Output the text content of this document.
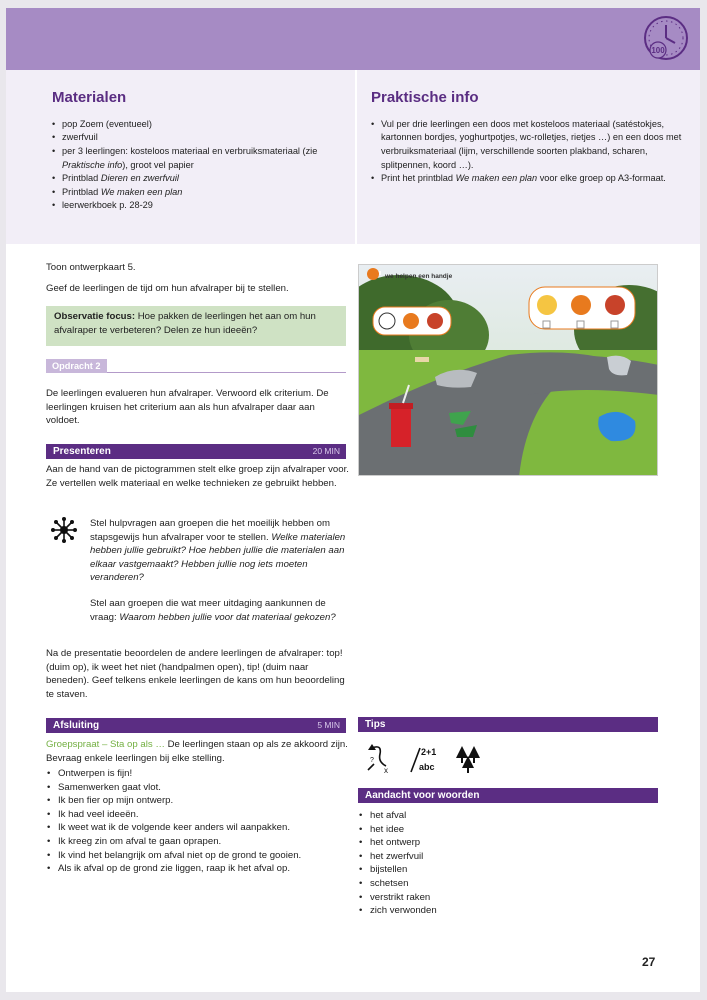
100
Materialen
• pop Zoem (eventueel)
• zwerfvuil
• per 3 leerlingen: kosteloos materiaal en verbruiksmateriaal (zie Praktische info), groot vel papier
• Printblad Dieren en zwerfvuil
• Printblad We maken een plan
• leerwerkboek p. 28-29
Praktische info
• Vul per drie leerlingen een doos met kosteloos materiaal (satéstokjes, kartonnen bordjes, yoghurtpotjes, wc-rolletjes, rietjes …) en een doos met verbruiksmateriaal (lijm, verschillende soorten plakband, scharen, splitpennen, koord …).
• Print het printblad We maken een plan voor elke groep op A3-formaat.
Toon ontwerpkaart 5.
Geef de leerlingen de tijd om hun afvalraper bij te stellen.
Observatie focus: Hoe pakken de leerlingen het aan om hun afvalraper te verbeteren? Delen ze hun ideeën?
Opdracht 2
De leerlingen evalueren hun afvalraper. Verwoord elk criterium. De leerlingen kruisen het criterium aan als hun afvalraper daar aan voldoet.
Presenteren	20 MIN
Aan de hand van de pictogrammen stelt elke groep zijn afvalraper voor. Ze vertellen welk materiaal en welke technieken ze gebruikt hebben.
Stel hulpvragen aan groepen die het moeilijk hebben om stapsgewijs hun afvalraper voor te stellen. Welke materialen hebben jullie gebruikt? Hoe hebben jullie die materialen aan elkaar vastgemaakt? Hebben jullie nog iets moeten veranderen?
Stel aan groepen die wat meer uitdaging aankunnen de vraag: Waarom hebben jullie voor dat materiaal gekozen?
Na de presentatie beoordelen de andere leerlingen de afvalraper: top! (duim op), ik weet het niet (handpalmen open), tip! (duim naar beneden). Geef telkens enkele leerlingen de kans om hun beoordeling te staven.
Afsluiting	5 MIN
Groepspraat – Sta op als … De leerlingen staan op als ze akkoord zijn. Bevraag enkele leerlingen bij elke stelling.
• Ontwerpen is fijn!
• Samenwerken gaat vlot.
• Ik ben fier op mijn ontwerp.
• Ik had veel ideeën.
• Ik weet wat ik de volgende keer anders wil aanpakken.
• Ik kreeg zin om afval te gaan oprapen.
• Ik vind het belangrijk om afval niet op de grond te gooien.
• Als ik afval op de grond zie liggen, raap ik het afval op.
we helpen een handje
Tips
x
?
2+1
abc
Aandacht voor woorden
• het afval
• het idee
• het ontwerp
• het zwerfvuil
• bijstellen
• schetsen
• verstrikt raken
• zich verwonden
27
